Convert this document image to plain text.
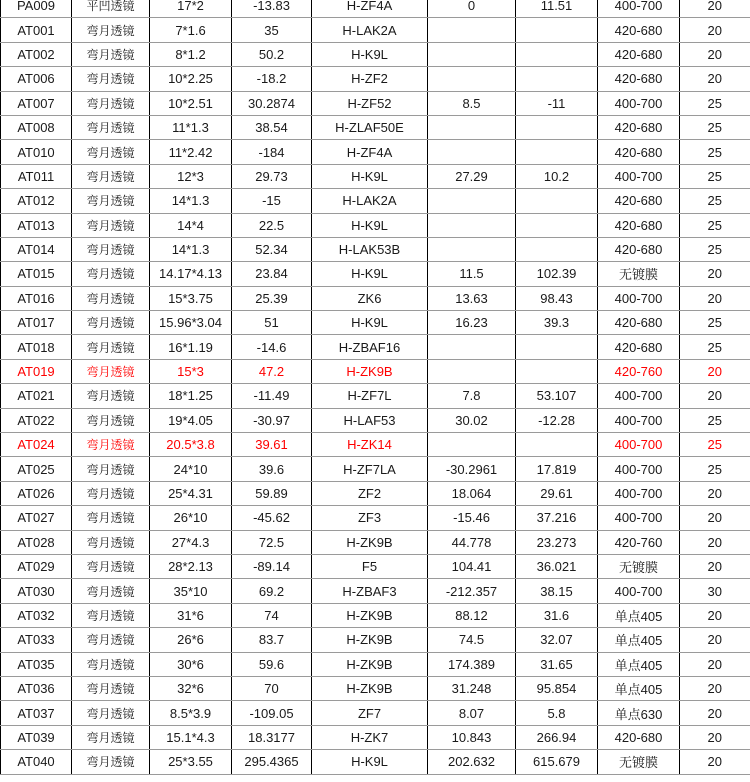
PA009	平凹透镜	17*2	-13.83	H-ZF4A	0	11.51	400-700	20
AT001	弯月透镜	7*1.6	35	H-LAK2A			420-680	20
AT002	弯月透镜	8*1.2	50.2	H-K9L			420-680	20
AT006	弯月透镜	10*2.25	-18.2	H-ZF2			420-680	20
AT007	弯月透镜	10*2.51	30.2874	H-ZF52	8.5	-11	400-700	25
AT008	弯月透镜	11*1.3	38.54	H-ZLAF50E			420-680	25
AT010	弯月透镜	11*2.42	-184	H-ZF4A			420-680	25
AT011	弯月透镜	12*3	29.73	H-K9L	27.29	10.2	400-700	25
AT012	弯月透镜	14*1.3	-15	H-LAK2A			420-680	25
AT013	弯月透镜	14*4	22.5	H-K9L			420-680	25
AT014	弯月透镜	14*1.3	52.34	H-LAK53B			420-680	25
AT015	弯月透镜	14.17*4.13	23.84	H-K9L	11.5	102.39	无镀膜	20
AT016	弯月透镜	15*3.75	25.39	ZK6	13.63	98.43	400-700	20
AT017	弯月透镜	15.96*3.04	51	H-K9L	16.23	39.3	420-680	25
AT018	弯月透镜	16*1.19	-14.6	H-ZBAF16			420-680	25
AT019	弯月透镜	15*3	47.2	H-ZK9B			420-760	20
AT021	弯月透镜	18*1.25	-11.49	H-ZF7L	7.8	53.107	400-700	20
AT022	弯月透镜	19*4.05	-30.97	H-LAF53	30.02	-12.28	400-700	25
AT024	弯月透镜	20.5*3.8	39.61	H-ZK14			400-700	25
AT025	弯月透镜	24*10	39.6	H-ZF7LA	-30.2961	17.819	400-700	25
AT026	弯月透镜	25*4.31	59.89	ZF2	18.064	29.61	400-700	20
AT027	弯月透镜	26*10	-45.62	ZF3	-15.46	37.216	400-700	20
AT028	弯月透镜	27*4.3	72.5	H-ZK9B	44.778	23.273	420-760	20
AT029	弯月透镜	28*2.13	-89.14	F5	104.41	36.021	无镀膜	20
AT030	弯月透镜	35*10	69.2	H-ZBAF3	-212.357	38.15	400-700	30
AT032	弯月透镜	31*6	74	H-ZK9B	88.12	31.6	单点405	20
AT033	弯月透镜	26*6	83.7	H-ZK9B	74.5	32.07	单点405	20
AT035	弯月透镜	30*6	59.6	H-ZK9B	174.389	31.65	单点405	20
AT036	弯月透镜	32*6	70	H-ZK9B	31.248	95.854	单点405	20
AT037	弯月透镜	8.5*3.9	-109.05	ZF7	8.07	5.8	单点630	20
AT039	弯月透镜	15.1*4.3	18.3177	H-ZK7	10.843	266.94	420-680	20
AT040	弯月透镜	25*3.55	295.4365	H-K9L	202.632	615.679	无镀膜	20
